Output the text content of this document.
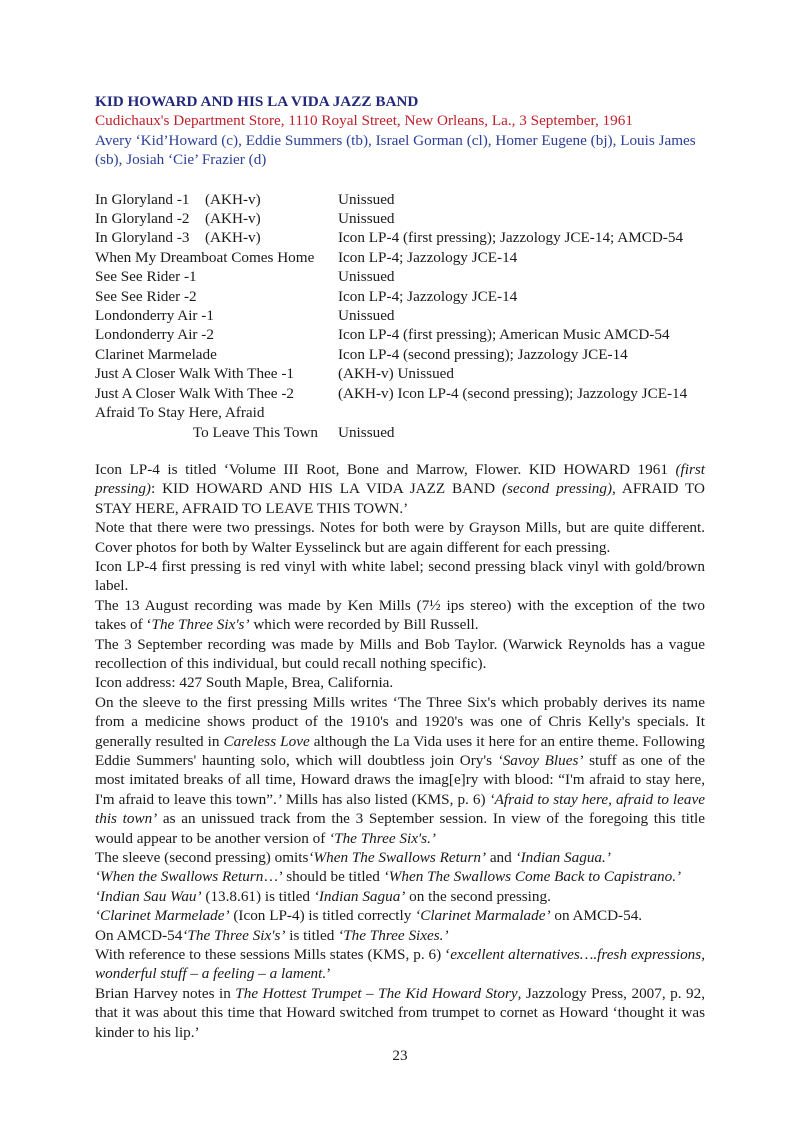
KID HOWARD AND HIS LA VIDA JAZZ BAND

Cudichaux's Department Store, 1110 Royal Street, New Orleans, La., 3 September, 1961

Avery ‘Kid’Howard (c), Eddie Summers (tb), Israel Gorman (cl), Homer Eugene (bj), Louis James (sb), Josiah ‘Cie’ Frazier (d)

In Gloryland -1 (AKH-v)	Unissued

In Gloryland -2 (AKH-v)	Unissued

In Gloryland -3 (AKH-v)	Icon LP-4 (first pressing); Jazzology JCE-14; AMCD-54

When My Dreamboat Comes Home	Icon LP-4; Jazzology JCE-14

See See Rider -1	Unissued

See See Rider -2	Icon LP-4; Jazzology JCE-14

Londonderry Air -1	Unissued

Londonderry Air -2	Icon LP-4 (first pressing); American Music AMCD-54

Clarinet Marmelade	Icon LP-4 (second pressing); Jazzology JCE-14

Just A Closer Walk With Thee -1	(AKH-v) Unissued

Just A Closer Walk With Thee -2	(AKH-v) Icon LP-4 (second pressing); Jazzology JCE-14

Afraid To Stay Here, Afraid	

To Leave This Town	Unissued

Icon LP-4 is titled ‘Volume III Root, Bone and Marrow, Flower. KID HOWARD 1961 (first pressing): KID HOWARD AND HIS LA VIDA JAZZ BAND (second pressing), AFRAID TO STAY HERE, AFRAID TO LEAVE THIS TOWN.’

Note that there were two pressings. Notes for both were by Grayson Mills, but are quite different. Cover photos for both by Walter Eysselinck but are again different for each pressing.

Icon LP-4 first pressing is red vinyl with white label; second pressing black vinyl with gold/brown label.

The 13 August recording was made by Ken Mills (7½ ips stereo) with the exception of the two takes of ‘The Three Six's’ which were recorded by Bill Russell.

The 3 September recording was made by Mills and Bob Taylor. (Warwick Reynolds has a vague recollection of this individual, but could recall nothing specific).

Icon address: 427 South Maple, Brea, California.

On the sleeve to the first pressing Mills writes ‘The Three Six's which probably derives its name from a medicine shows product of the 1910's and 1920's was one of Chris Kelly's specials. It generally resulted in Careless Love although the La Vida uses it here for an entire theme. Following Eddie Summers' haunting solo, which will doubtless join Ory's ‘Savoy Blues’ stuff as one of the most imitated breaks of all time, Howard draws the imag[e]ry with blood: “I'm afraid to stay here, I'm afraid to leave this town”.’ Mills has also listed (KMS, p. 6) ‘Afraid to stay here, afraid to leave this town’ as an unissued track from the 3 September session. In view of the foregoing this title would appear to be another version of ‘The Three Six's.’

The sleeve (second pressing) omits‘When The Swallows Return’ and ‘Indian Sagua.’

‘When the Swallows Return…’ should be titled ‘When The Swallows Come Back to Capistrano.’

‘Indian Sau Wau’ (13.8.61) is titled ‘Indian Sagua’ on the second pressing.

‘Clarinet Marmelade’ (Icon LP-4) is titled correctly ‘Clarinet Marmalade’ on AMCD-54.

On AMCD-54‘The Three Six's’ is titled ‘The Three Sixes.’

With reference to these sessions Mills states (KMS, p. 6) ‘excellent alternatives….fresh expressions, wonderful stuff – a feeling – a lament.’

Brian Harvey notes in The Hottest Trumpet – The Kid Howard Story, Jazzology Press, 2007, p. 92, that it was about this time that Howard switched from trumpet to cornet as Howard ‘thought it was kinder to his lip.’

23
